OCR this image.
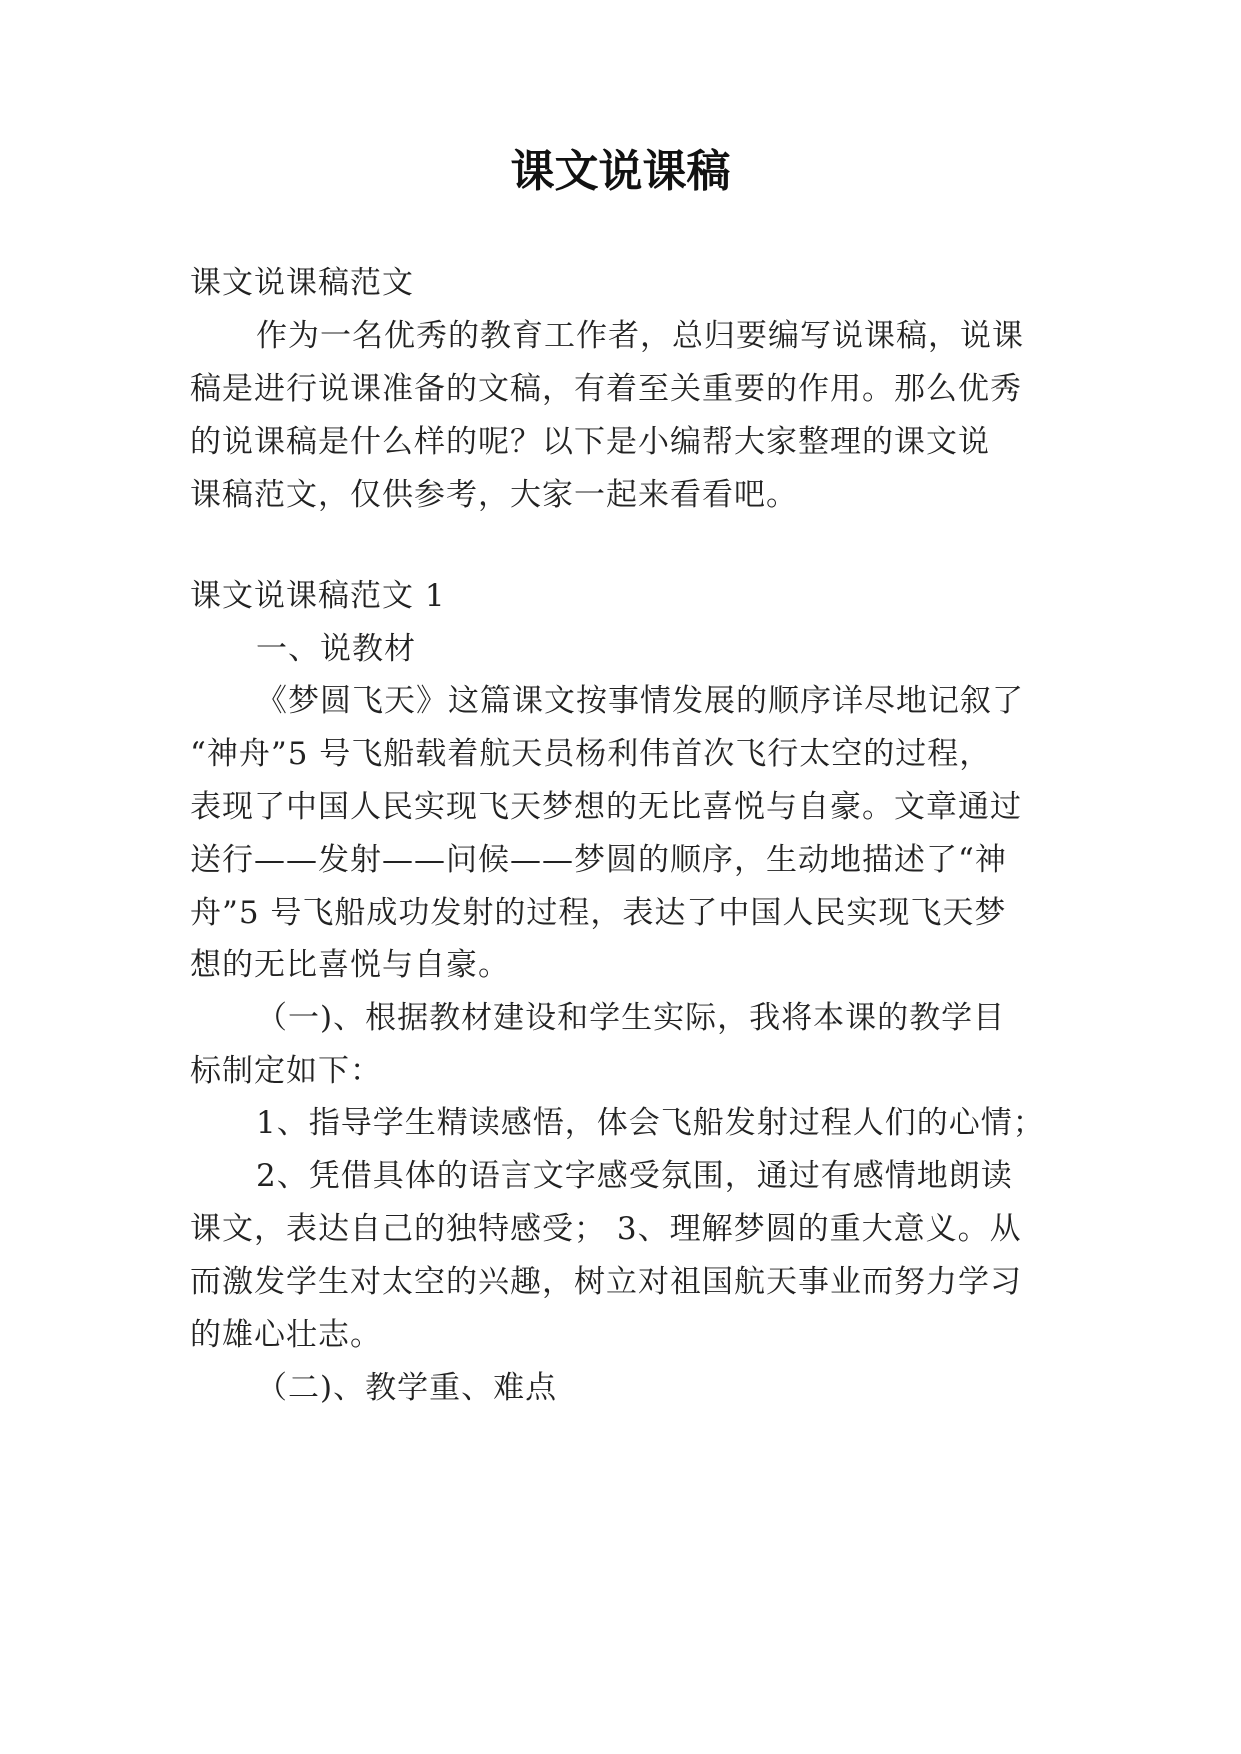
课文说课稿
课文说课稿范文
作为一名优秀的教育工作者，总归要编写说课稿，说课
稿是进行说课准备的文稿，有着至关重要的作用。那么优秀
的说课稿是什么样的呢？以下是小编帮大家整理的课文说
课稿范文，仅供参考，大家一起来看看吧。
课文说课稿范文 1
一、说教材
《梦圆飞天》这篇课文按事情发展的顺序详尽地记叙了
“神舟”5 号飞船载着航天员杨利伟首次飞行太空的过程，
表现了中国人民实现飞天梦想的无比喜悦与自豪。文章通过
送行——发射——问候——梦圆的顺序，生动地描述了“神
舟”5 号飞船成功发射的过程，表达了中国人民实现飞天梦
想的无比喜悦与自豪。
（一)、根据教材建设和学生实际，我将本课的教学目
标制定如下：
1、指导学生精读感悟，体会飞船发射过程人们的心情；
2、凭借具体的语言文字感受氛围，通过有感情地朗读
课文，表达自己的独特感受； 3、理解梦圆的重大意义。从
而激发学生对太空的兴趣，树立对祖国航天事业而努力学习
的雄心壮志。
（二)、教学重、难点
